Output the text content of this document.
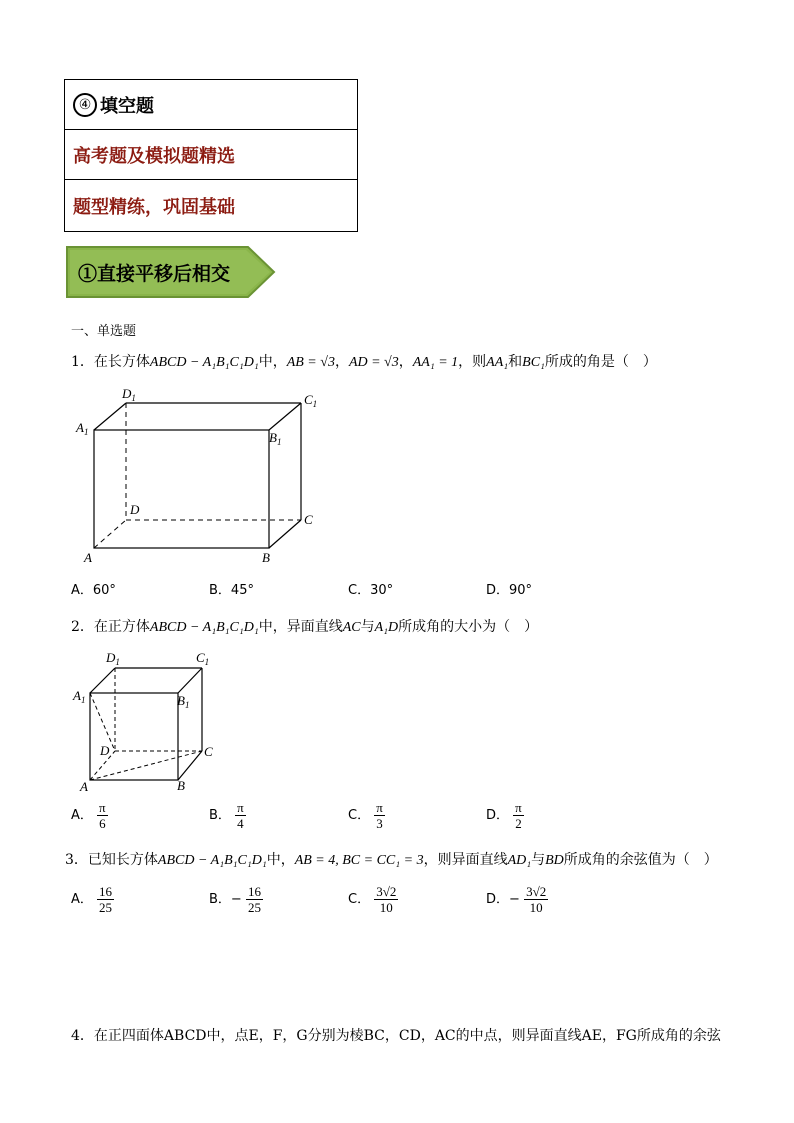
④ 填空题
高考题及模拟题精选
题型精练，巩固基础
①直接平移后相交
一、单选题
1．在长方体ABCD − A₁B₁C₁D₁中，AB = √3，AD = √3，AA₁ = 1，则AA₁和BC₁所成的角是（　）
$D_1$	$C_1$
$A_1$	$B_1$
D
C
A	B
A．60°	B．45°	C．30°	D．90°
2．在正方体ABCD − A₁B₁C₁D₁中，异面直线AC与A₁D所成角的大小为（　）
$D_1$	$C_1$
$A_1$	$B_1$
D	C
A	B
A． $\frac{\pi}{6}$	B． $\frac{\pi}{4}$	C． $\frac{\pi}{3}$	D． $\frac{\pi}{2}$
3．已知长方体ABCD − A₁B₁C₁D₁中，AB = 4, BC = CC₁ = 3，则异面直线AD₁与BD所成角的余弦值为（　）
A． $\frac{16}{25}$	B．− $\frac{16}{25}$	C． $\frac{3√2}{10}$	D．− $\frac{3√2}{10}$
4．在正四面体ABCD中，点E，F，G分别为棱BC，CD，AC的中点，则异面直线AE，FG所成角的余弦
